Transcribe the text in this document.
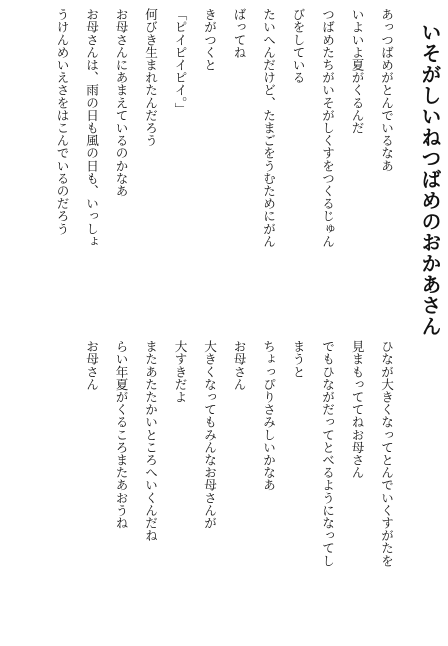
いそがしいねつばめのおかあさん
あっつばめがとんでいるなあ
いよいよ夏がくるんだ
つばめたちがいそがしくすをつくるじゅん
びをしている
たいへんだけど、たまごをうむためにがん
ばってね
きがつくと
「ピイピイピイ。」
何びき生まれたんだろう
お母さんにあまえているのかなあ
お母さんは、雨の日も風の日も、いっしょ
うけんめいえさをはこんでいるのだろう
ひなが大きくなってとんでいくすがたを
見まもっててねお母さん
でもひながだってとべるようになってし
まうと
ちょっぴりさみしいかなあ
お母さん
大きくなってもみんなお母さんが
大すきだよ
またあたたかいところへいくんだね
らい年夏がくるころまたあおうね
お母さん
